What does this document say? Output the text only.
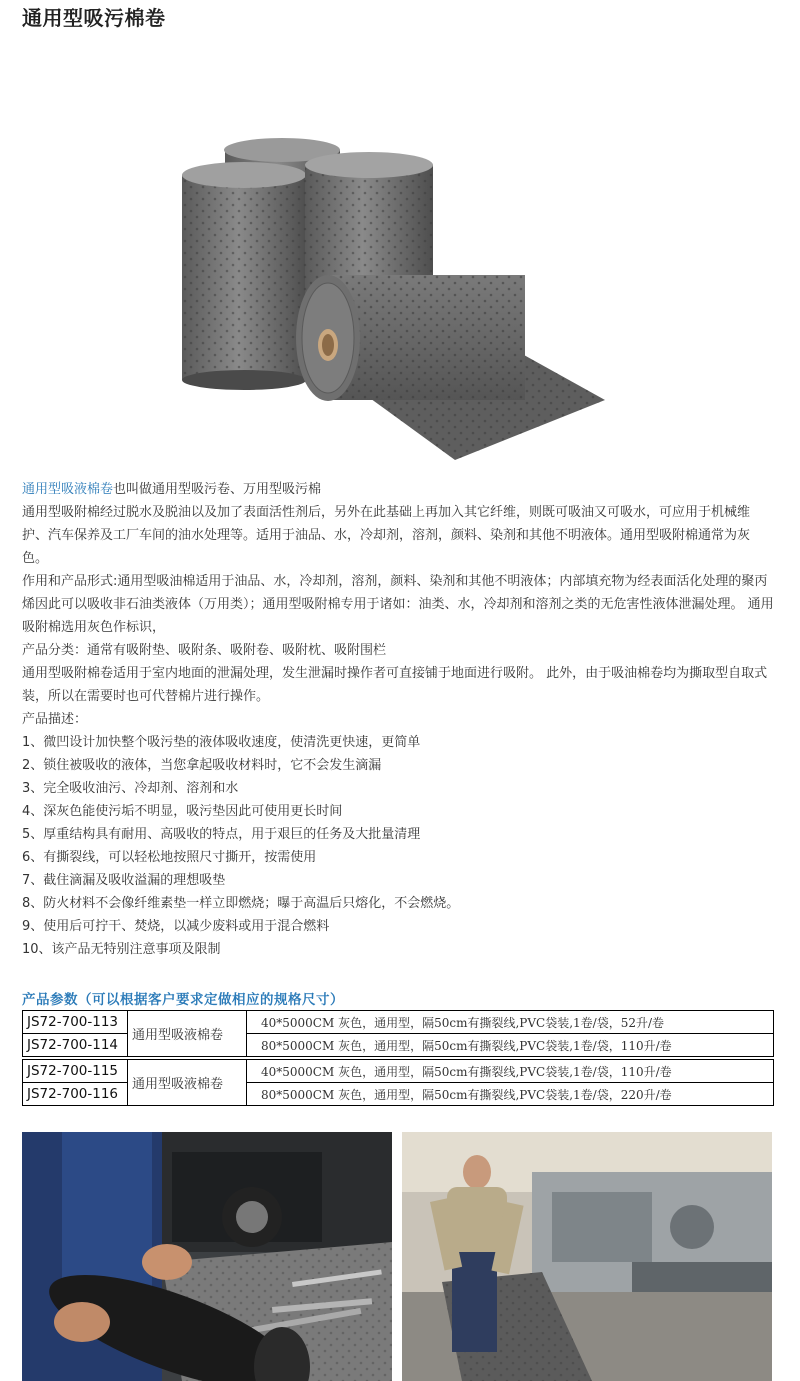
通用型吸污棉卷

通用型吸液棉卷也叫做通用型吸污卷、万用型吸污棉

通用型吸附棉经过脱水及脱油以及加了表面活性剂后，另外在此基础上再加入其它纤维，则既可吸油又可吸水，可应用于机械维护、汽车保养及工厂车间的油水处理等。适用于油品、水，冷却剂，溶剂，颜料、染剂和其他不明液体。通用型吸附棉通常为灰色。

作用和产品形式:通用型吸油棉适用于油品、水，冷却剂，溶剂，颜料、染剂和其他不明液体；内部填充物为经表面活化处理的聚丙烯因此可以吸收非石油类液体（万用类）；通用型吸附棉专用于诸如：油类、水，冷却剂和溶剂之类的无危害性液体泄漏处理。 通用吸附棉选用灰色作标识，

产品分类：通常有吸附垫、吸附条、吸附卷、吸附枕、吸附围栏

通用型吸附棉卷适用于室内地面的泄漏处理，发生泄漏时操作者可直接铺于地面进行吸附。 此外，由于吸油棉卷均为撕取型自取式装，所以在需要时也可代替棉片进行操作。

产品描述：

1、微凹设计加快整个吸污垫的液体吸收速度，使清洗更快速，更简单

2、锁住被吸收的液体，当您拿起吸收材料时，它不会发生滴漏

3、完全吸收油污、冷却剂、溶剂和水

4、深灰色能使污垢不明显，吸污垫因此可使用更长时间

5、厚重结构具有耐用、高吸收的特点，用于艰巨的任务及大批量清理

6、有撕裂线，可以轻松地按照尺寸撕开，按需使用

7、截住滴漏及吸收溢漏的理想吸垫

8、防火材料不会像纤维素垫一样立即燃烧；曝于高温后只熔化，不会燃烧。

9、使用后可拧干、焚烧，以减少废料或用于混合燃料

10、该产品无特别注意事项及限制

产品参数（可以根据客户要求定做相应的规格尺寸）
JS72-700-113	通用型吸液棉卷	40*5000CM 灰色，通用型，隔50cm有撕裂线,PVC袋装,1卷/袋，52升/卷
JS72-700-114		80*5000CM 灰色，通用型，隔50cm有撕裂线,PVC袋装,1卷/袋，110升/卷

JS72-700-115	通用型吸液棉卷	40*5000CM 灰色，通用型，隔50cm有撕裂线,PVC袋装,1卷/袋，110升/卷
JS72-700-116		80*5000CM 灰色，通用型，隔50cm有撕裂线,PVC袋装,1卷/袋，220升/卷
